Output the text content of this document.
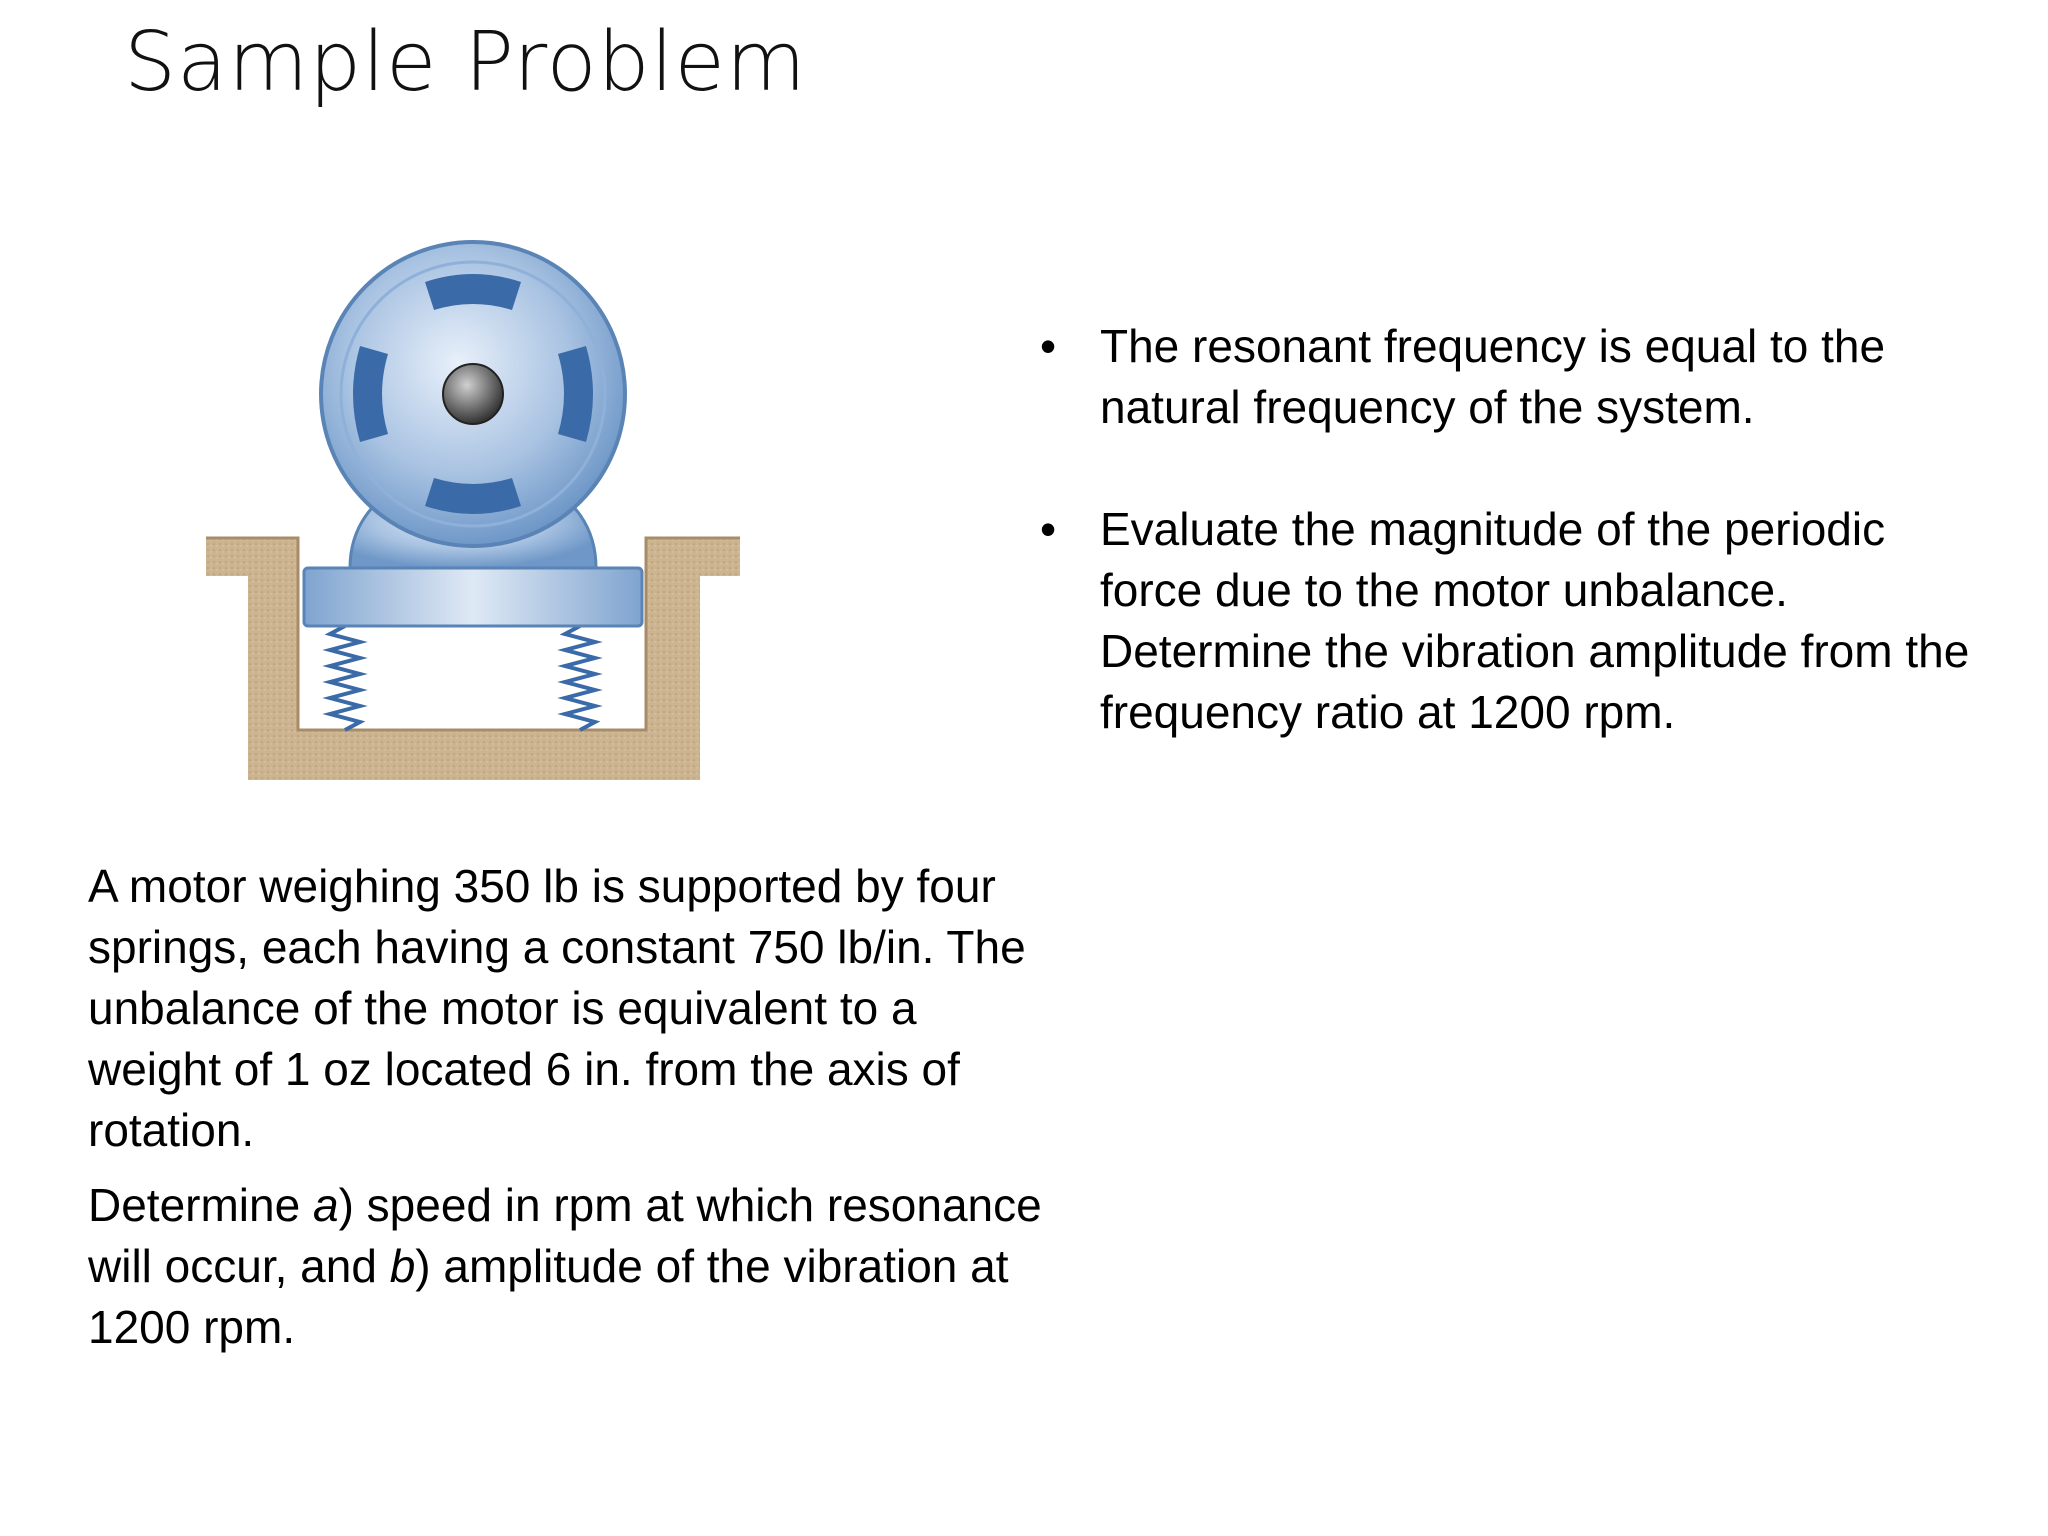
Sample Problem
• The resonant frequency is equal to the natural frequency of the system.
• Evaluate the magnitude of the periodic force due to the motor unbalance. Determine the vibration amplitude from the frequency ratio at 1200 rpm.

A motor weighing 350 lb is supported by four springs, each having a constant 750 lb/in. The unbalance of the motor is equivalent to a weight of 1 oz located 6 in. from the axis of rotation.

Determine a) speed in rpm at which resonance will occur, and b) amplitude of the vibration at 1200 rpm.
